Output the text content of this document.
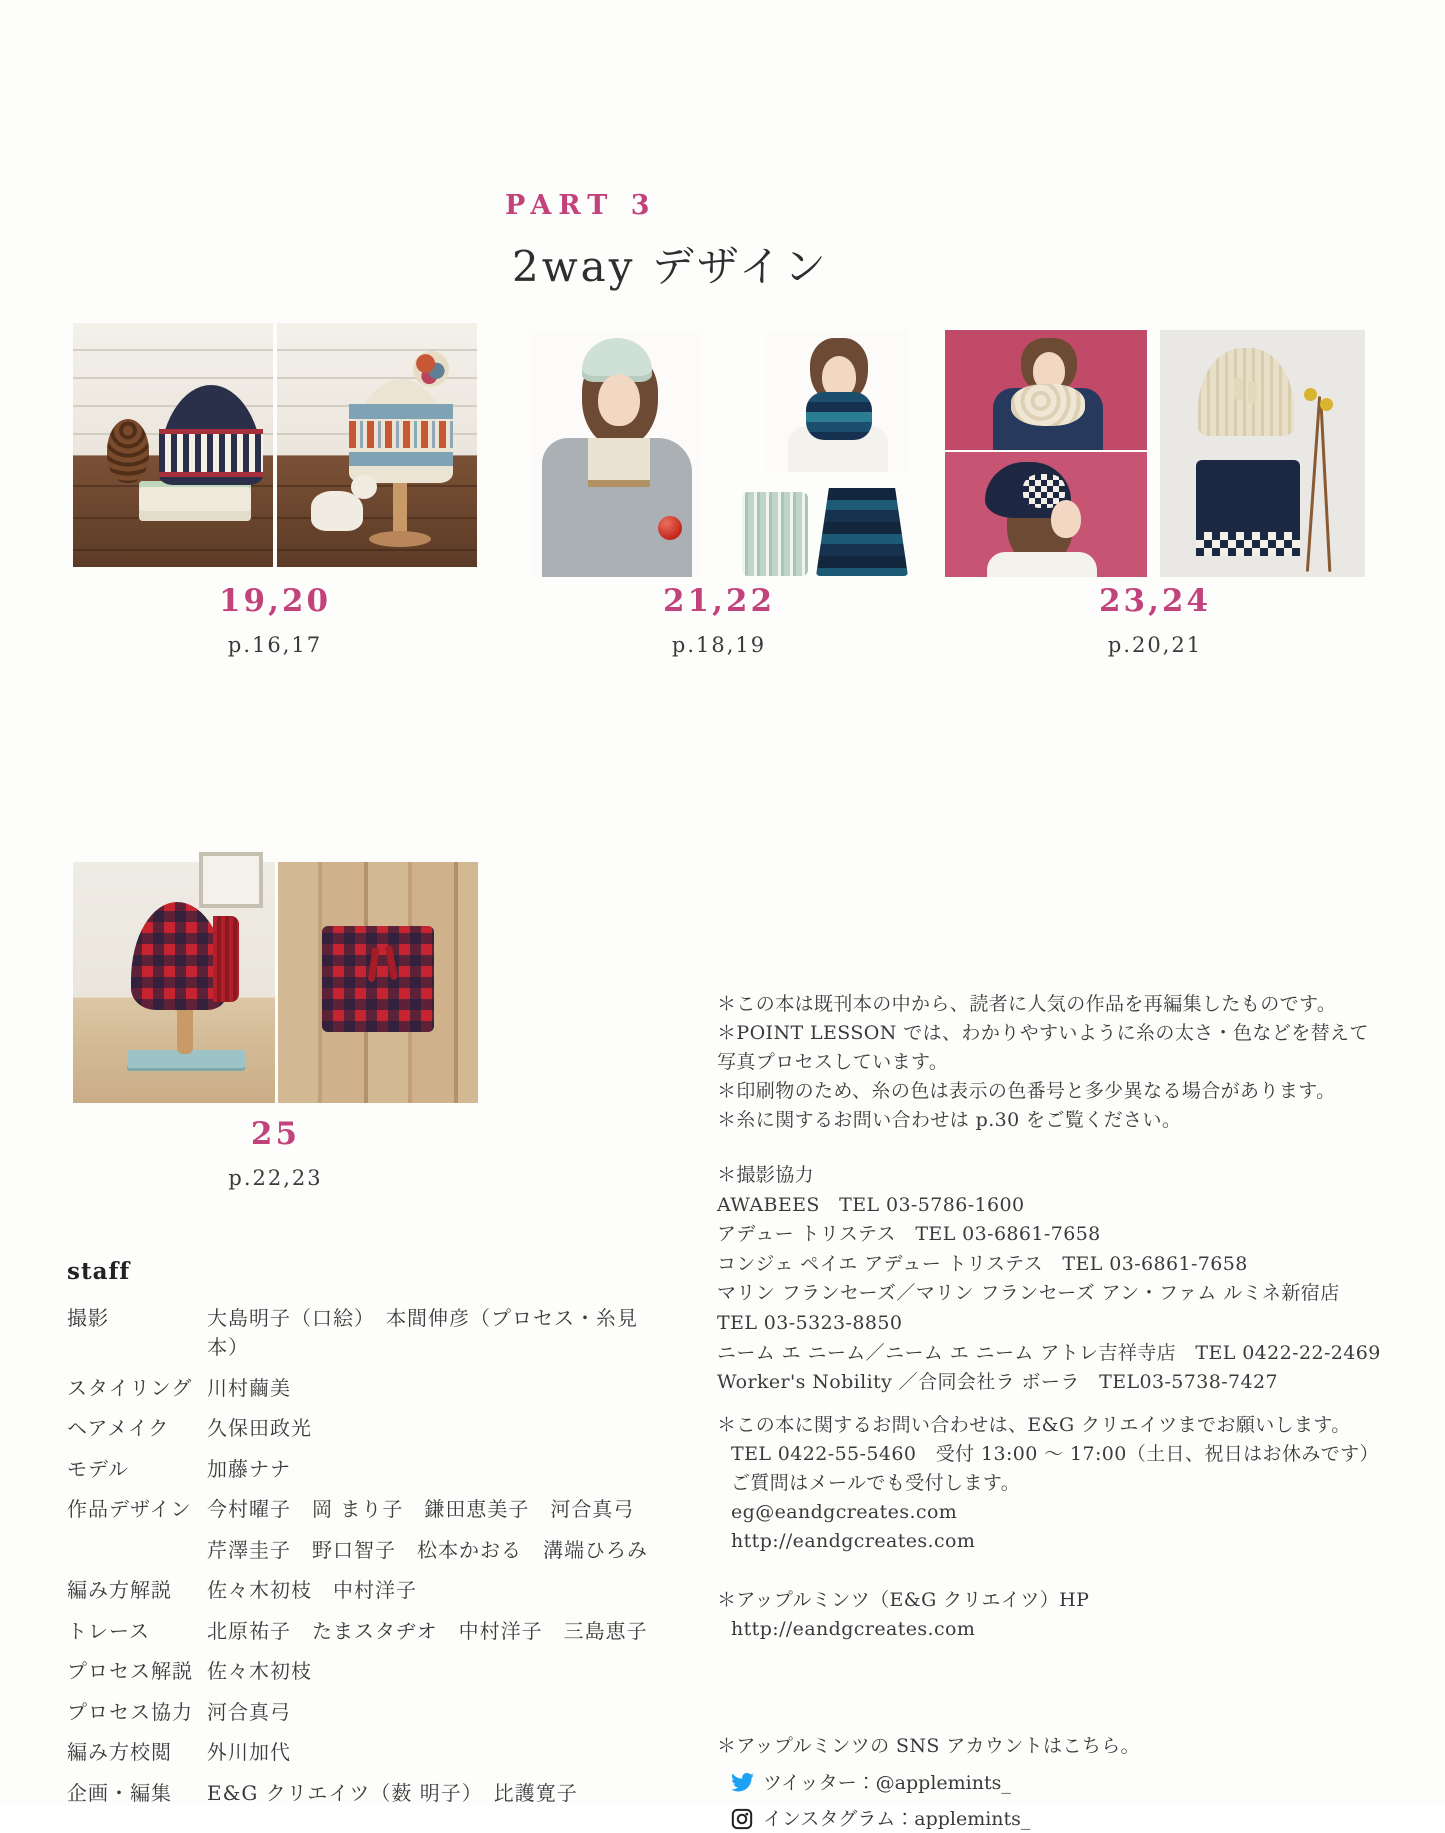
PART 3
2way デザイン
19,20
p.16,17
21,22
p.18,19
23,24
p.20,21
25
p.22,23
staff
撮影	大島明子（口絵）　本間伸彦（プロセス・糸見本）
スタイリング 川村繭美
ヘアメイク	久保田政光
モデル	加藤ナナ
作品デザイン 今村曜子　岡 まり子　鎌田恵美子　河合真弓
芹澤圭子　野口智子　松本かおる　溝端ひろみ
編み方解説	佐々木初枝　中村洋子
トレース	北原祐子　たまスタヂオ　中村洋子　三島恵子
プロセス解説 佐々木初枝
プロセス協力 河合真弓
編み方校閲	外川加代
企画・編集	E&G クリエイツ（薮 明子）　比護寛子
＊この本は既刊本の中から、読者に人気の作品を再編集したものです。
＊POINT LESSON では、わかりやすいように糸の太さ・色などを替えて写真プロセスしています。
＊印刷物のため、糸の色は表示の色番号と多少異なる場合があります。
＊糸に関するお問い合わせは p.30 をご覧ください。
＊撮影協力
AWABEES　TEL 03-5786-1600
アデュー トリステス　TEL 03-6861-7658
コンジェ ペイエ アデュー トリステス　TEL 03-6861-7658
マリン フランセーズ／マリン フランセーズ アン・ファム ルミネ新宿店　TEL 03-5323-8850
ニーム エ ニーム／ニーム エ ニーム アトレ吉祥寺店　TEL 0422-22-2469
Worker's Nobility ／合同会社ラ ボーラ　TEL03-5738-7427
＊この本に関するお問い合わせは、E&G クリエイツまでお願いします。
TEL 0422-55-5460　受付 13:00 ～ 17:00（土日、祝日はお休みです）
ご質問はメールでも受付します。
eg@eandgcreates.com
http://eandgcreates.com
＊アップルミンツ（E&G クリエイツ）HP
http://eandgcreates.com
＊アップルミンツの SNS アカウントはこちら。
ツイッター：@applemints_
インスタグラム：applemints_
